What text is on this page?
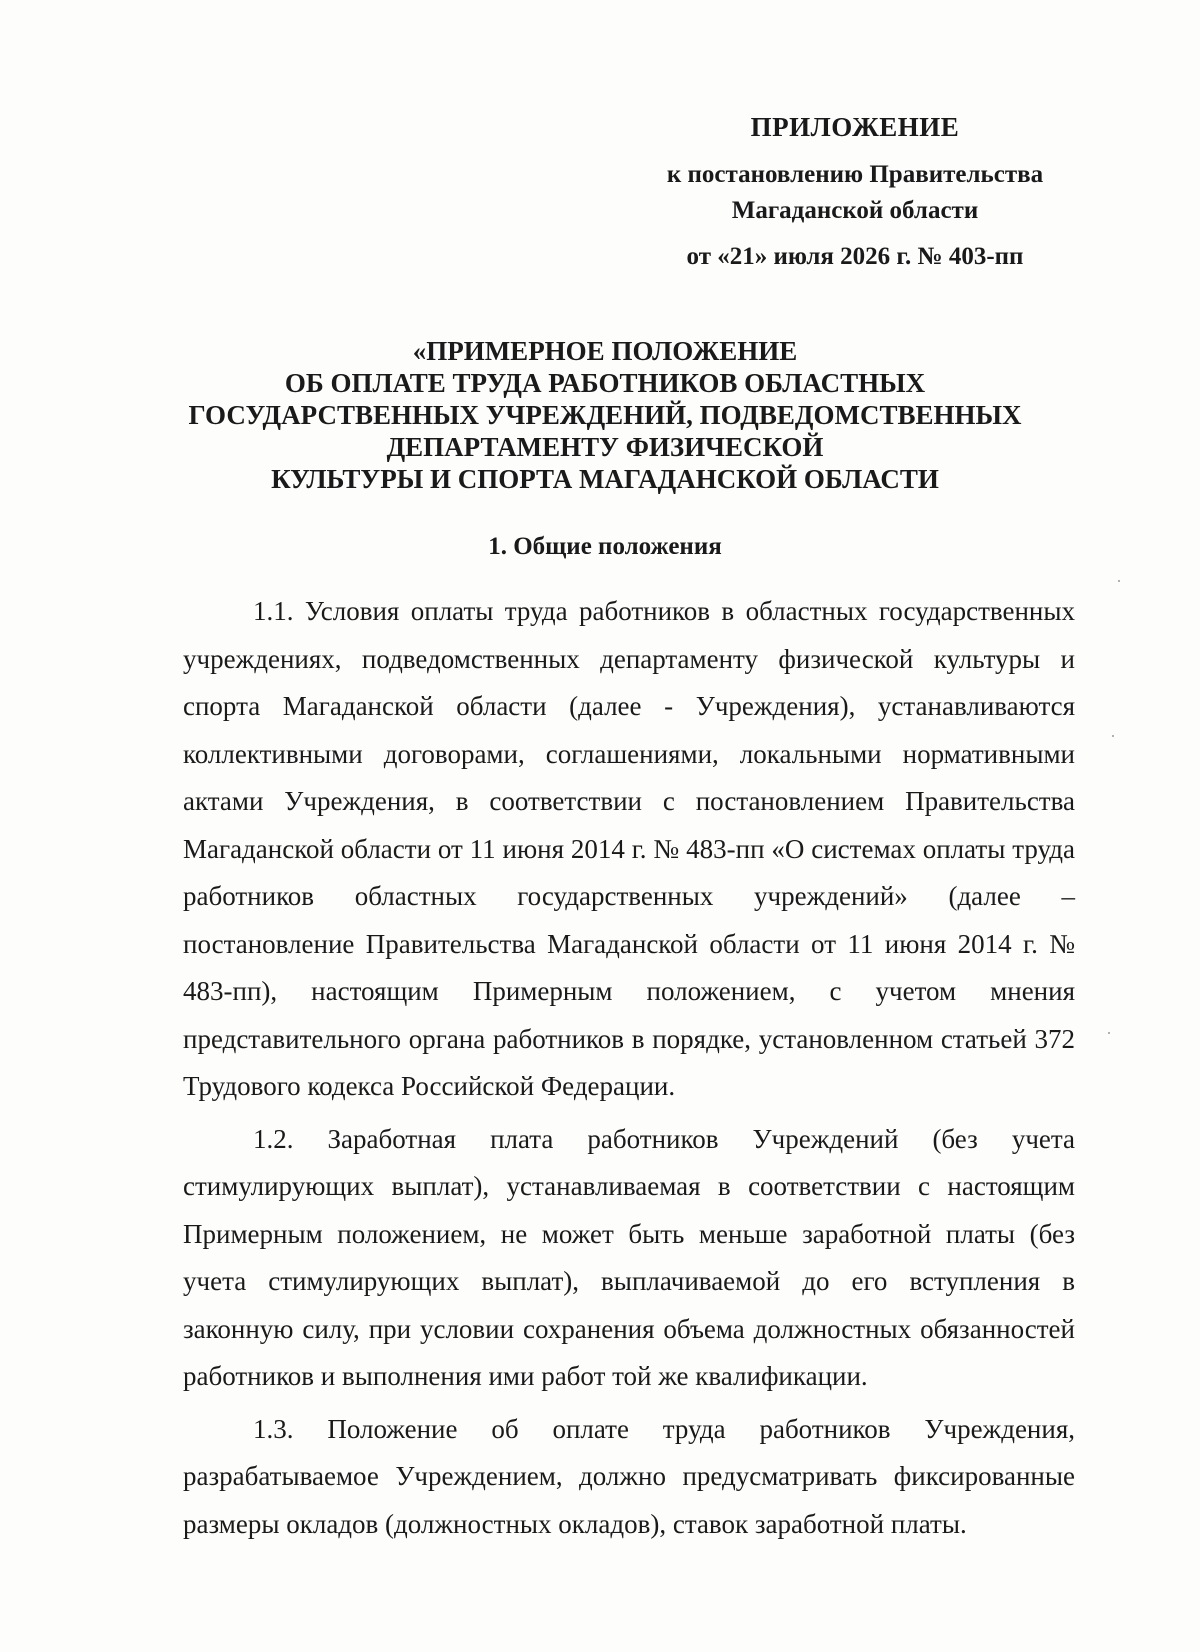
ПРИЛОЖЕНИЕ
к постановлению Правительства
Магаданской области
от «21» июля 2026 г. № 403-пп
«ПРИМЕРНОЕ ПОЛОЖЕНИЕ
ОБ ОПЛАТЕ ТРУДА РАБОТНИКОВ ОБЛАСТНЫХ
ГОСУДАРСТВЕННЫХ УЧРЕЖДЕНИЙ, ПОДВЕДОМСТВЕННЫХ
ДЕПАРТАМЕНТУ ФИЗИЧЕСКОЙ
КУЛЬТУРЫ И СПОРТА МАГАДАНСКОЙ ОБЛАСТИ
1. Общие положения

1.1. Условия оплаты труда работников в областных государственных учреждениях, подведомственных департаменту физической культуры и спорта Магаданской области (далее - Учреждения), устанавливаются коллективными договорами, соглашениями, локальными нормативными актами Учреждения, в соответствии с постановлением Правительства Магаданской области от 11 июня 2014 г. № 483-пп «О системах оплаты труда работников областных государственных учреждений» (далее – постановление Правительства Магаданской области от 11 июня 2014 г. № 483-пп), настоящим Примерным положением, с учетом мнения представительного органа работников в порядке, установленном статьей 372 Трудового кодекса Российской Федерации.

1.2. Заработная плата работников Учреждений (без учета стимулирующих выплат), устанавливаемая в соответствии с настоящим Примерным положением, не может быть меньше заработной платы (без учета стимулирующих выплат), выплачиваемой до его вступления в законную силу, при условии сохранения объема должностных обязанностей работников и выполнения ими работ той же квалификации.

1.3. Положение об оплате труда работников Учреждения, разрабатываемое Учреждением, должно предусматривать фиксированные размеры окладов (должностных окладов), ставок заработной платы.
